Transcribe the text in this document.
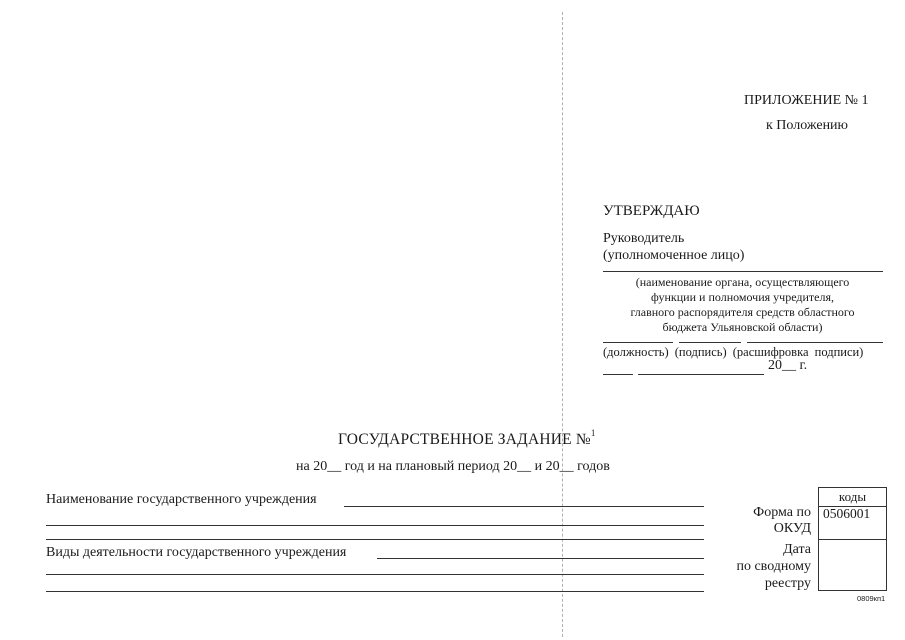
ПРИЛОЖЕНИЕ № 1
к Положению
УТВЕРЖДАЮ
Руководитель
(уполномоченное лицо)
(наименование органа, осуществляющего
функции и полномочия учредителя,
главного распорядителя средств областного
бюджета Ульяновской области)
(должность) (подпись) (расшифровка подписи)
20__ г.
ГОСУДАРСТВЕННОЕ ЗАДАНИЕ №$^1$
на 20__ год и на плановый период 20__ и 20__ годов
Наименование государственного учреждения
Виды деятельности государственного учреждения
Форма по
ОКУД
Дата
по сводному
реестру
коды
0506001
0809кп1
